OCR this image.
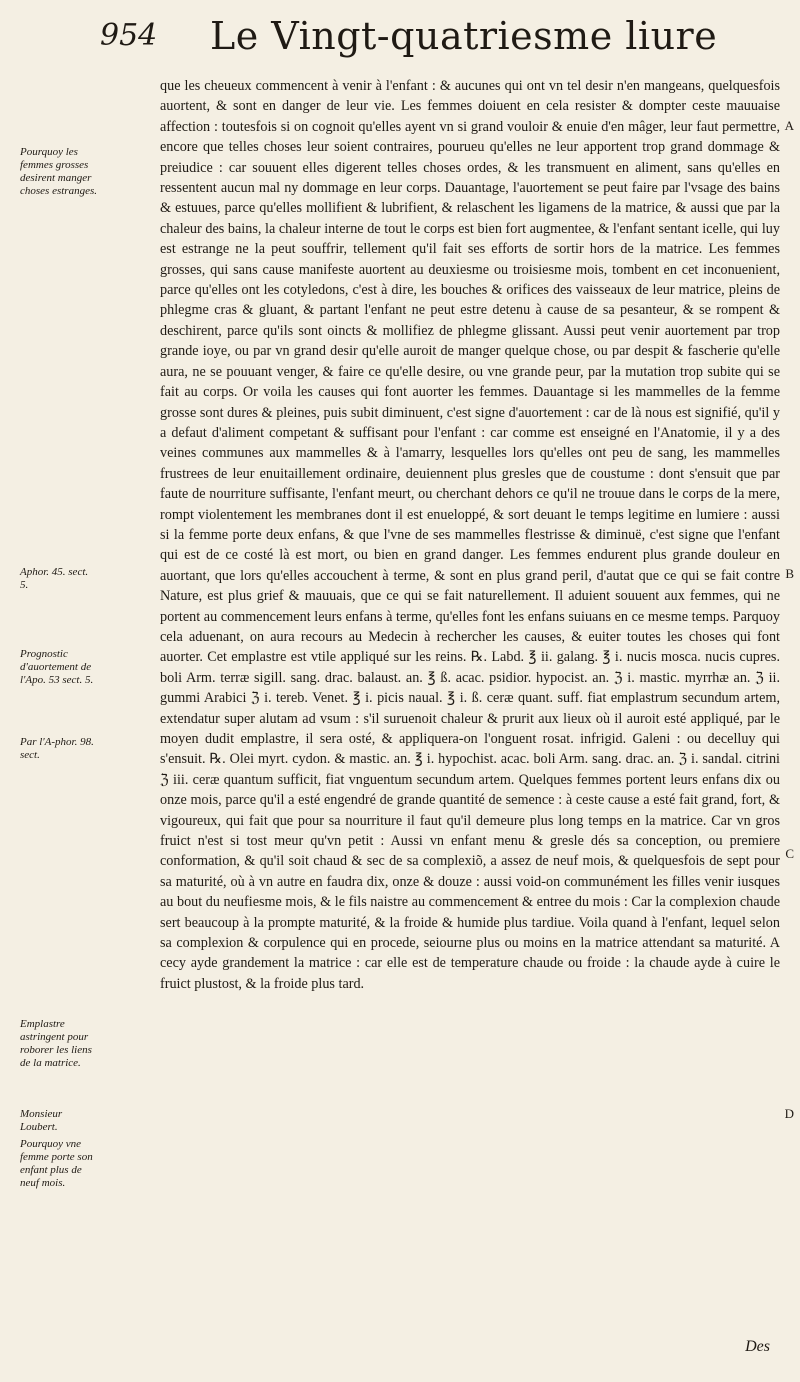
954 Le Vingt-quatriesme liure

que les cheueux commencent à venir à l'enfant : & aucunes qui ont vn tel desir n'en mangeans, quelquesfois auortent, & sont en danger de leur vie. Les femmes doiuent en cela resister & dompter ceste mauuaise affection : toutesfois si on cognoit qu'elles ayent vn si grand vouloir & enuie d'en mâger, leur faut permettre, encore que telles choses leur soient contraires, pourueu qu'elles ne leur apportent trop grand dommage & preiudice : car souuent elles digerent telles choses ordes, & les transmuent en aliment, sans qu'elles en ressentent aucun mal ny dommage en leur corps. Dauantage, l'auortement se peut faire par l'vsage des bains & estuues, parce qu'elles mollifient & lubrifient, & relaschent les ligamens de la matrice, & aussi que par la chaleur des bains, la chaleur interne de tout le corps est bien fort augmentee, & l'enfant sentant icelle, qui luy est estrange ne la peut souffrir, tellement qu'il fait ses efforts de sortir hors de la matrice. Les femmes grosses, qui sans cause manifeste auortent au deuxiesme ou troisiesme mois, tombent en cet inconuenient, parce qu'elles ont les cotyledons, c'est à dire, les bouches & orifices des vaisseaux de leur matrice, pleins de phlegme cras & gluant, & partant l'enfant ne peut estre detenu à cause de sa pesanteur, & se rompent & deschirent, parce qu'ils sont oincts & mollifiez de phlegme glissant. Aussi peut venir auortement par trop grande ioye, ou par vn grand desir qu'elle auroit de manger quelque chose, ou par despit & fascherie qu'elle aura, ne se pouuant venger, & faire ce qu'elle desire, ou vne grande peur, par la mutation trop subite qui se fait au corps. Or voila les causes qui font auorter les femmes. Dauantage si les mammelles de la femme grosse sont dures & pleines, puis subit diminuent, c'est signe d'auortement : car de là nous est signifié, qu'il y a defaut d'aliment competant & suffisant pour l'enfant : car comme est enseigné en l'Anatomie, il y a des veines communes aux mammelles & à l'amarry, lesquelles lors qu'elles ont peu de sang, les mammelles frustrees de leur enuitaillement ordinaire, deuiennent plus gresles que de coustume : dont s'ensuit que par faute de nourriture suffisante, l'enfant meurt, ou cherchant dehors ce qu'il ne trouue dans le corps de la mere, rompt violentement les membranes dont il est enueloppé, & sort deuant le temps legitime en lumiere : aussi si la femme porte deux enfans, & que l'vne de ses mammelles flestrisse & diminuë, c'est signe que l'enfant qui est de ce costé là est mort, ou bien en grand danger. Les femmes endurent plus grande douleur en auortant, que lors qu'elles accouchent à terme, & sont en plus grand peril, d'autat que ce qui se fait contre Nature, est plus grief & mauuais, que ce qui se fait naturellement. Il aduient souuent aux femmes, qui ne portent au commencement leurs enfans à terme, qu'elles font les enfans suiuans en ce mesme temps. Parquoy cela aduenant, on aura recours au Medecin à rechercher les causes, & euiter toutes les choses qui font auorter. Cet emplastre est vtile appliqué sur les reins. ℞. Labd. ℥ ii. galang. ℥ i. nucis mosca. nucis cupres. boli Arm. terræ sigill. sang. drac. balaust. an. ℥ ß. acac. psidior. hypocist. an. ℨ i. mastic. myrrhæ an. ℨ ii. gummi Arabici ℨ i. tereb. Venet. ℥ i. picis naual. ℥ i. ß. ceræ quant. suff. fiat emplastrum secundum artem, extendatur super alutam ad vsum : s'il suruenoit chaleur & prurit aux lieux où il auroit esté appliqué, par le moyen dudit emplastre, il sera osté, & appliquera-on l'onguent rosat. infrigid. Galeni : ou decelluy qui s'ensuit. ℞. Olei myrt. cydon. & mastic. an. ℥ i. hypochist. acac. boli Arm. sang. drac. an. ℨ i. sandal. citrini ℨ iii. ceræ quantum sufficit, fiat vnguentum secundum artem. Quelques femmes portent leurs enfans dix ou onze mois, parce qu'il a esté engendré de grande quantité de semence : à ceste cause a esté fait grand, fort, & vigoureux, qui fait que pour sa nourriture il faut qu'il demeure plus long temps en la matrice. Car vn gros fruict n'est si tost meur qu'vn petit : Aussi vn enfant menu & gresle dés sa conception, ou premiere conformation, & qu'il soit chaud & sec de sa complexiõ, a assez de neuf mois, & quelquesfois de sept pour sa maturité, où à vn autre en faudra dix, onze & douze : aussi void-on communément les filles venir iusques au bout du neufiesme mois, & le fils naistre au commencement & entree du mois : Car la complexion chaude sert beaucoup à la prompte maturité, & la froide & humide plus tardiue. Voila quand à l'enfant, lequel selon sa complexion & corpulence qui en procede, seiourne plus ou moins en la matrice attendant sa maturité. A cecy ayde grandement la matrice : car elle est de temperature chaude ou froide : la chaude ayde à cuire le fruict plustost, & la froide plus tard.

Pourquoy les femmes grosses desirent manger choses estranges.
Aphor. 45. sect. 5.
Prognostic d'auortement de l'Apo. 53 sect. 5.
Par l'A-phor. 98. sect.
Emplastre astringent pour roborer les liens de la matrice.
Monsieur Loubert.
Pourquoy vne femme porte son enfant plus de neuf mois.
A
B
C
D
Des
